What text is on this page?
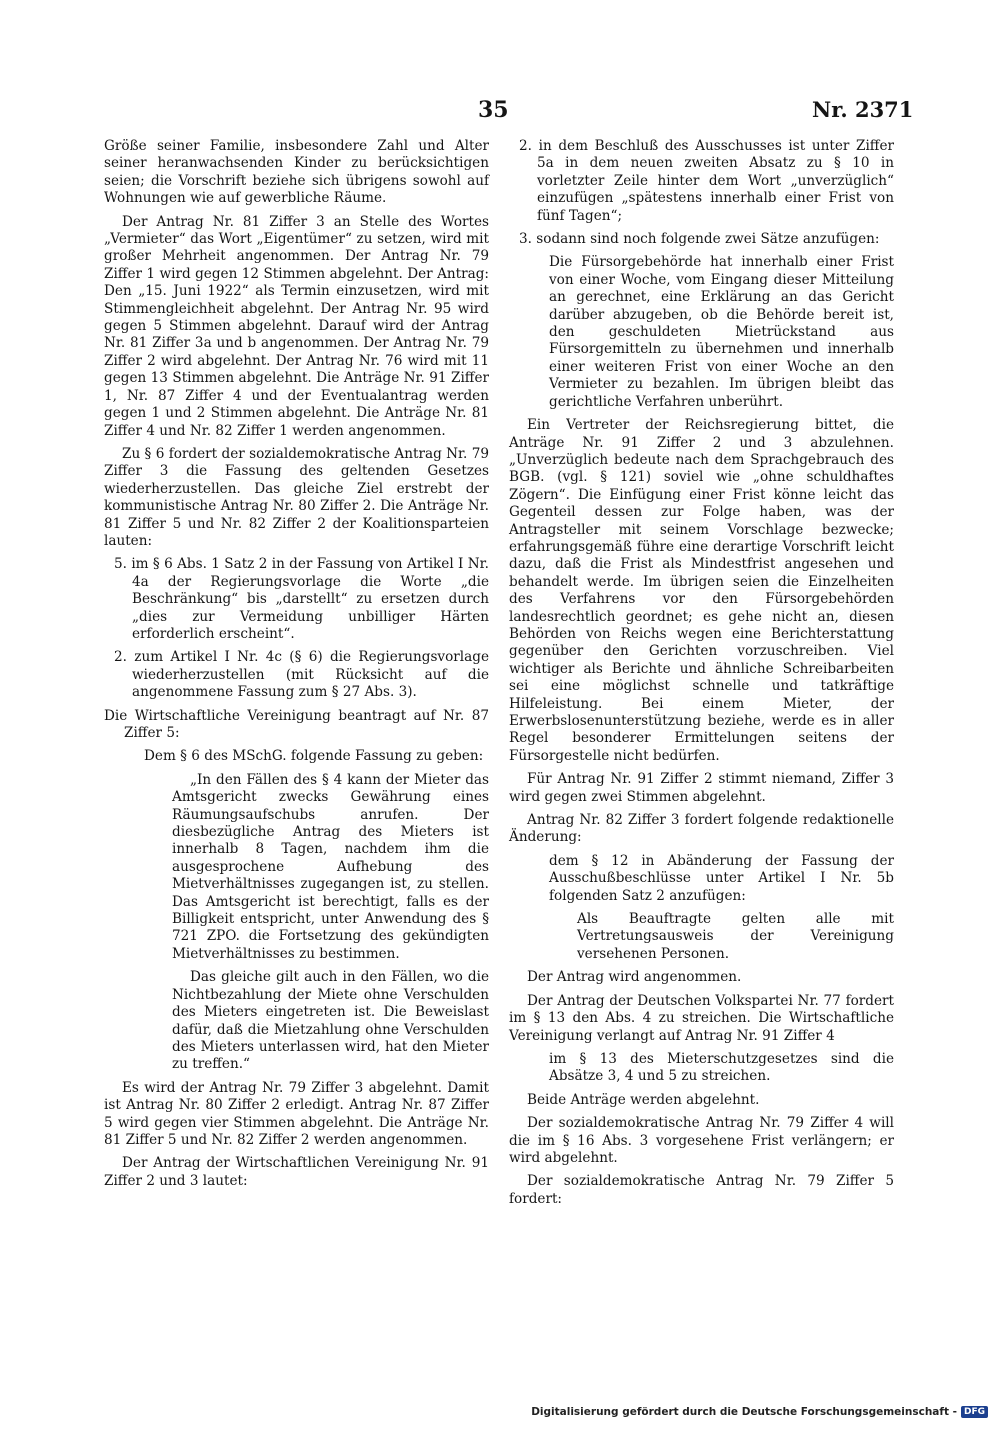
35	Nr. 2371

Größe seiner Familie, insbesondere Zahl und Alter seiner heranwachsenden Kinder zu berücksichtigen seien; die Vorschrift beziehe sich übrigens sowohl auf Wohnungen wie auf gewerbliche Räume.

Der Antrag Nr. 81 Ziffer 3 an Stelle des Wortes „Vermieter“ das Wort „Eigentümer“ zu setzen, wird mit großer Mehrheit angenommen. Der Antrag Nr. 79 Ziffer 1 wird gegen 12 Stimmen abgelehnt. Der Antrag: Den „15. Juni 1922“ als Termin einzusetzen, wird mit Stimmengleichheit abgelehnt. Der Antrag Nr. 95 wird gegen 5 Stimmen abgelehnt. Darauf wird der Antrag Nr. 81 Ziffer 3a und b angenommen. Der Antrag Nr. 79 Ziffer 2 wird abgelehnt. Der Antrag Nr. 76 wird mit 11 gegen 13 Stimmen abgelehnt. Die Anträge Nr. 91 Ziffer 1, Nr. 87 Ziffer 4 und der Eventualantrag werden gegen 1 und 2 Stimmen abgelehnt. Die Anträge Nr. 81 Ziffer 4 und Nr. 82 Ziffer 1 werden angenommen.

Zu § 6 fordert der sozialdemokratische Antrag Nr. 79 Ziffer 3 die Fassung des geltenden Gesetzes wiederherzustellen. Das gleiche Ziel erstrebt der kommunistische Antrag Nr. 80 Ziffer 2. Die Anträge Nr. 81 Ziffer 5 und Nr. 82 Ziffer 2 der Koalitionsparteien lauten:

5. im § 6 Abs. 1 Satz 2 in der Fassung von Artikel I Nr. 4a der Regierungsvorlage die Worte „die Beschränkung“ bis „darstellt“ zu ersetzen durch „dies zur Vermeidung unbilliger Härten erforderlich erscheint“.

2. zum Artikel I Nr. 4c (§ 6) die Regierungsvorlage wiederherzustellen (mit Rücksicht auf die angenommene Fassung zum § 27 Abs. 3).

Die Wirtschaftliche Vereinigung beantragt auf Nr. 87 Ziffer 5:

Dem § 6 des MSchG. folgende Fassung zu geben:

„In den Fällen des § 4 kann der Mieter das Amtsgericht zwecks Gewährung eines Räumungsaufschubs anrufen. Der diesbezügliche Antrag des Mieters ist innerhalb 8 Tagen, nachdem ihm die ausgesprochene Aufhebung des Mietverhältnisses zugegangen ist, zu stellen. Das Amtsgericht ist berechtigt, falls es der Billigkeit entspricht, unter Anwendung des § 721 ZPO. die Fortsetzung des gekündigten Mietverhältnisses zu bestimmen.

Das gleiche gilt auch in den Fällen, wo die Nichtbezahlung der Miete ohne Verschulden des Mieters eingetreten ist. Die Beweislast dafür, daß die Mietzahlung ohne Verschulden des Mieters unterlassen wird, hat den Mieter zu treffen.“

Es wird der Antrag Nr. 79 Ziffer 3 abgelehnt. Damit ist Antrag Nr. 80 Ziffer 2 erledigt. Antrag Nr. 87 Ziffer 5 wird gegen vier Stimmen abgelehnt. Die Anträge Nr. 81 Ziffer 5 und Nr. 82 Ziffer 2 werden angenommen.

Der Antrag der Wirtschaftlichen Vereinigung Nr. 91 Ziffer 2 und 3 lautet:

2. in dem Beschluß des Ausschusses ist unter Ziffer 5a in dem neuen zweiten Absatz zu § 10 in vorletzter Zeile hinter dem Wort „unverzüglich“ einzufügen „spätestens innerhalb einer Frist von fünf Tagen“;

3. sodann sind noch folgende zwei Sätze anzufügen:

Die Fürsorgebehörde hat innerhalb einer Frist von einer Woche, vom Eingang dieser Mitteilung an gerechnet, eine Erklärung an das Gericht darüber abzugeben, ob die Behörde bereit ist, den geschuldeten Mietrückstand aus Fürsorgemitteln zu übernehmen und innerhalb einer weiteren Frist von einer Woche an den Vermieter zu bezahlen. Im übrigen bleibt das gerichtliche Verfahren unberührt.

Ein Vertreter der Reichsregierung bittet, die Anträge Nr. 91 Ziffer 2 und 3 abzulehnen. „Unverzüglich bedeute nach dem Sprachgebrauch des BGB. (vgl. § 121) soviel wie „ohne schuldhaftes Zögern“. Die Einfügung einer Frist könne leicht das Gegenteil dessen zur Folge haben, was der Antragsteller mit seinem Vorschlage bezwecke; erfahrungsgemäß führe eine derartige Vorschrift leicht dazu, daß die Frist als Mindestfrist angesehen und behandelt werde. Im übrigen seien die Einzelheiten des Verfahrens vor den Fürsorgebehörden landesrechtlich geordnet; es gehe nicht an, diesen Behörden von Reichs wegen eine Berichterstattung gegenüber den Gerichten vorzuschreiben. Viel wichtiger als Berichte und ähnliche Schreibarbeiten sei eine möglichst schnelle und tatkräftige Hilfeleistung. Bei einem Mieter, der Erwerbslosenunterstützung beziehe, werde es in aller Regel besonderer Ermittelungen seitens der Fürsorgestelle nicht bedürfen.

Für Antrag Nr. 91 Ziffer 2 stimmt niemand, Ziffer 3 wird gegen zwei Stimmen abgelehnt.

Antrag Nr. 82 Ziffer 3 fordert folgende redaktionelle Änderung:

dem § 12 in Abänderung der Fassung der Ausschußbeschlüsse unter Artikel I Nr. 5b folgenden Satz 2 anzufügen:

Als Beauftragte gelten alle mit Vertretungsausweis der Vereinigung versehenen Personen.

Der Antrag wird angenommen.

Der Antrag der Deutschen Volkspartei Nr. 77 fordert im § 13 den Abs. 4 zu streichen. Die Wirtschaftliche Vereinigung verlangt auf Antrag Nr. 91 Ziffer 4

im § 13 des Mieterschutzgesetzes sind die Absätze 3, 4 und 5 zu streichen.

Beide Anträge werden abgelehnt.

Der sozialdemokratische Antrag Nr. 79 Ziffer 4 will die im § 16 Abs. 3 vorgesehene Frist verlängern; er wird abgelehnt.

Der sozialdemokratische Antrag Nr. 79 Ziffer 5 fordert:

Digitalisierung gefördert durch die Deutsche Forschungsgemeinschaft - DFG
